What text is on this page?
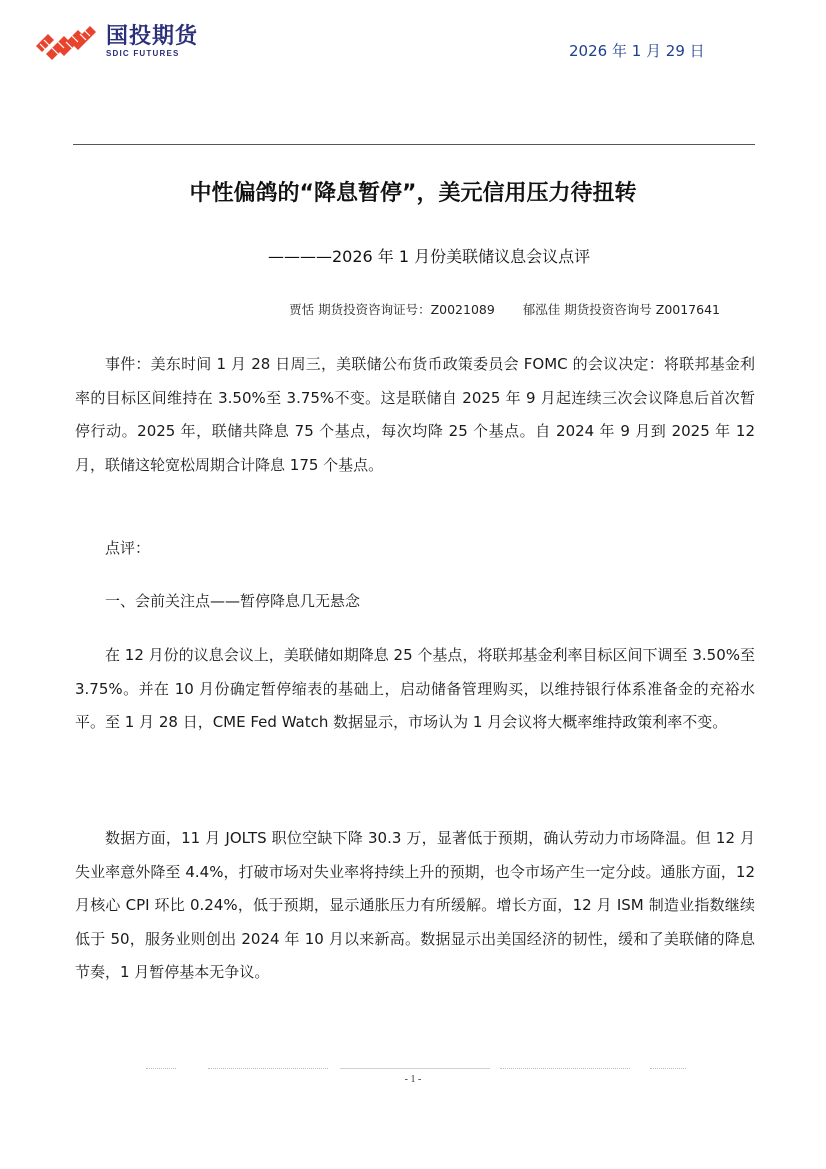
国投期货
SDIC FUTURES	2026 年 1 月 29 日
中性偏鸽的“降息暂停”，美元信用压力待扭转
————2026 年 1 月份美联储议息会议点评
贾恬 期货投资咨询证号：Z0021089 郁泓佳 期货投资咨询号 Z0017641

事件：美东时间 1 月 28 日周三，美联储公布货币政策委员会 FOMC 的会议决定：将联邦基金利率的目标区间维持在 3.50%至 3.75%不变。这是联储自 2025 年 9 月起连续三次会议降息后首次暂停行动。2025 年，联储共降息 75 个基点，每次均降 25 个基点。自 2024 年 9 月到 2025 年 12 月，联储这轮宽松周期合计降息 175 个基点。

点评：

一、会前关注点——暂停降息几无悬念

在 12 月份的议息会议上，美联储如期降息 25 个基点，将联邦基金利率目标区间下调至 3.50%至 3.75%。并在 10 月份确定暂停缩表的基础上，启动储备管理购买，以维持银行体系准备金的充裕水平。至 1 月 28 日，CME Fed Watch 数据显示，市场认为 1 月会议将大概率维持政策利率不变。

数据方面，11 月 JOLTS 职位空缺下降 30.3 万，显著低于预期，确认劳动力市场降温。但 12 月失业率意外降至 4.4%，打破市场对失业率将持续上升的预期，也令市场产生一定分歧。通胀方面，12 月核心 CPI 环比 0.24%，低于预期，显示通胀压力有所缓解。增长方面，12 月 ISM 制造业指数继续低于 50，服务业则创出 2024 年 10 月以来新高。数据显示出美国经济的韧性，缓和了美联储的降息节奏，1 月暂停基本无争议。

- 1 -
